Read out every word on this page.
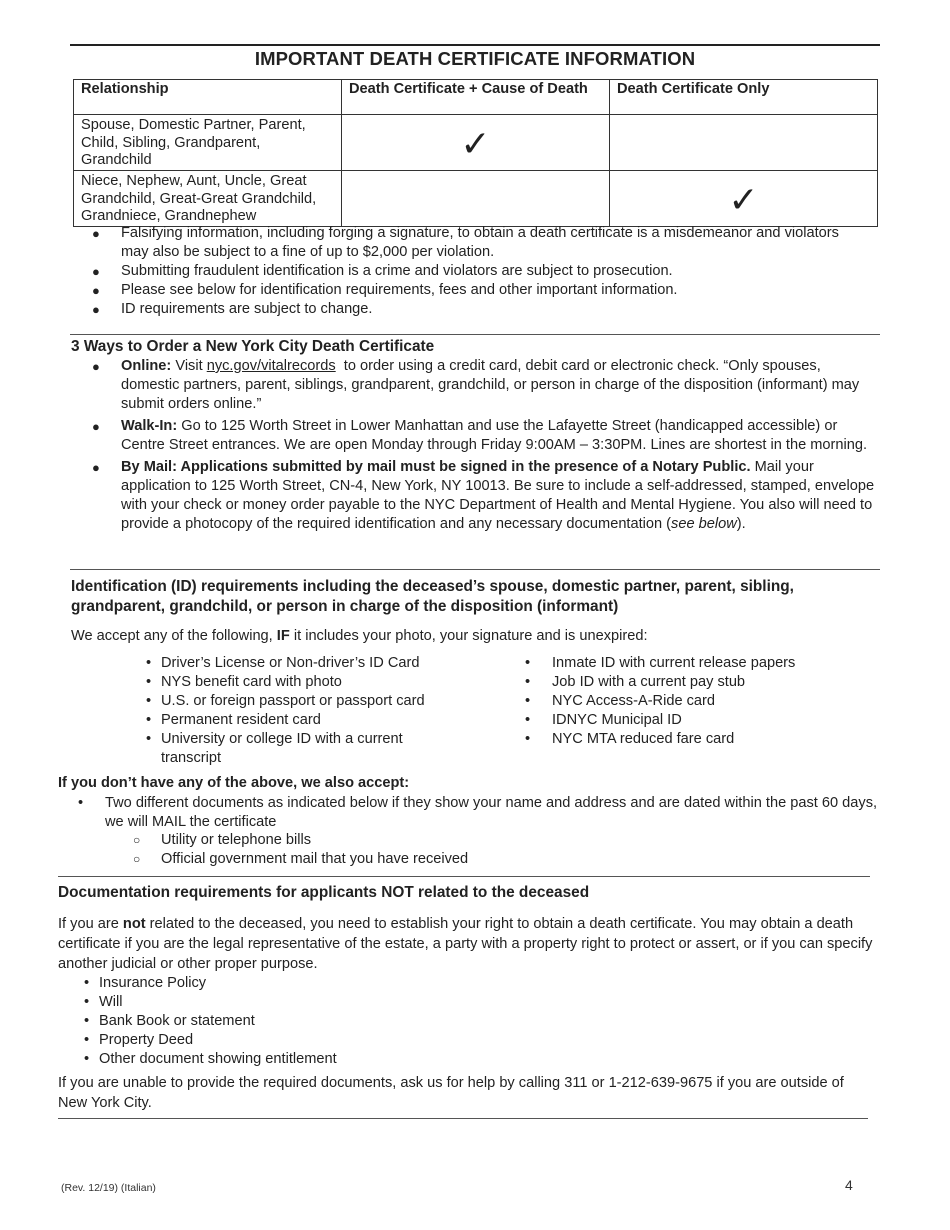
IMPORTANT DEATH CERTIFICATE INFORMATION
Relationship	Death Certificate + Cause of Death	Death Certificate Only
Spouse, Domestic Partner, Parent, Child, Sibling, Grandparent, Grandchild	✓	
Niece, Nephew, Aunt, Uncle, Great Grandchild, Great-Great Grandchild, Grandniece, Grandnephew		✓
● Falsifying information, including forging a signature, to obtain a death certificate is a misdemeanor and violators may also be subject to a fine of up to $2,000 per violation.
● Submitting fraudulent identification is a crime and violators are subject to prosecution.
● Please see below for identification requirements, fees and other important information.
● ID requirements are subject to change.
3 Ways to Order a New York City Death Certificate
● Online: Visit nyc.gov/vitalrecords to order using a credit card, debit card or electronic check. “Only spouses, domestic partners, parent, siblings, grandparent, grandchild, or person in charge of the disposition (informant) may submit orders online.”
● Walk-In: Go to 125 Worth Street in Lower Manhattan and use the Lafayette Street (handicapped accessible) or Centre Street entrances. We are open Monday through Friday 9:00AM – 3:30PM. Lines are shortest in the morning.
● By Mail: Applications submitted by mail must be signed in the presence of a Notary Public. Mail your application to 125 Worth Street, CN-4, New York, NY 10013. Be sure to include a self-addressed, stamped, envelope with your check or money order payable to the NYC Department of Health and Mental Hygiene. You also will need to provide a photocopy of the required identification and any necessary documentation (see below).
Identification (ID) requirements including the deceased’s spouse, domestic partner, parent, sibling, grandparent, grandchild, or person in charge of the disposition (informant)
We accept any of the following, IF it includes your photo, your signature and is unexpired:
• Driver’s License or Non-driver’s ID Card
• NYS benefit card with photo
• U.S. or foreign passport or passport card
• Permanent resident card
• University or college ID with a current transcript
• Inmate ID with current release papers
• Job ID with a current pay stub
• NYC Access-A-Ride card
• IDNYC Municipal ID
• NYC MTA reduced fare card
If you don’t have any of the above, we also accept:
• Two different documents as indicated below if they show your name and address and are dated within the past 60 days, we will MAIL the certificate
○ Utility or telephone bills
○ Official government mail that you have received
Documentation requirements for applicants NOT related to the deceased
If you are not related to the deceased, you need to establish your right to obtain a death certificate. You may obtain a death certificate if you are the legal representative of the estate, a party with a property right to protect or assert, or if you can specify another judicial or other proper purpose.
• Insurance Policy
• Will
• Bank Book or statement
• Property Deed
• Other document showing entitlement
If you are unable to provide the required documents, ask us for help by calling 311 or 1-212-639-9675 if you are outside of New York City.
(Rev. 12/19) (Italian)	4
